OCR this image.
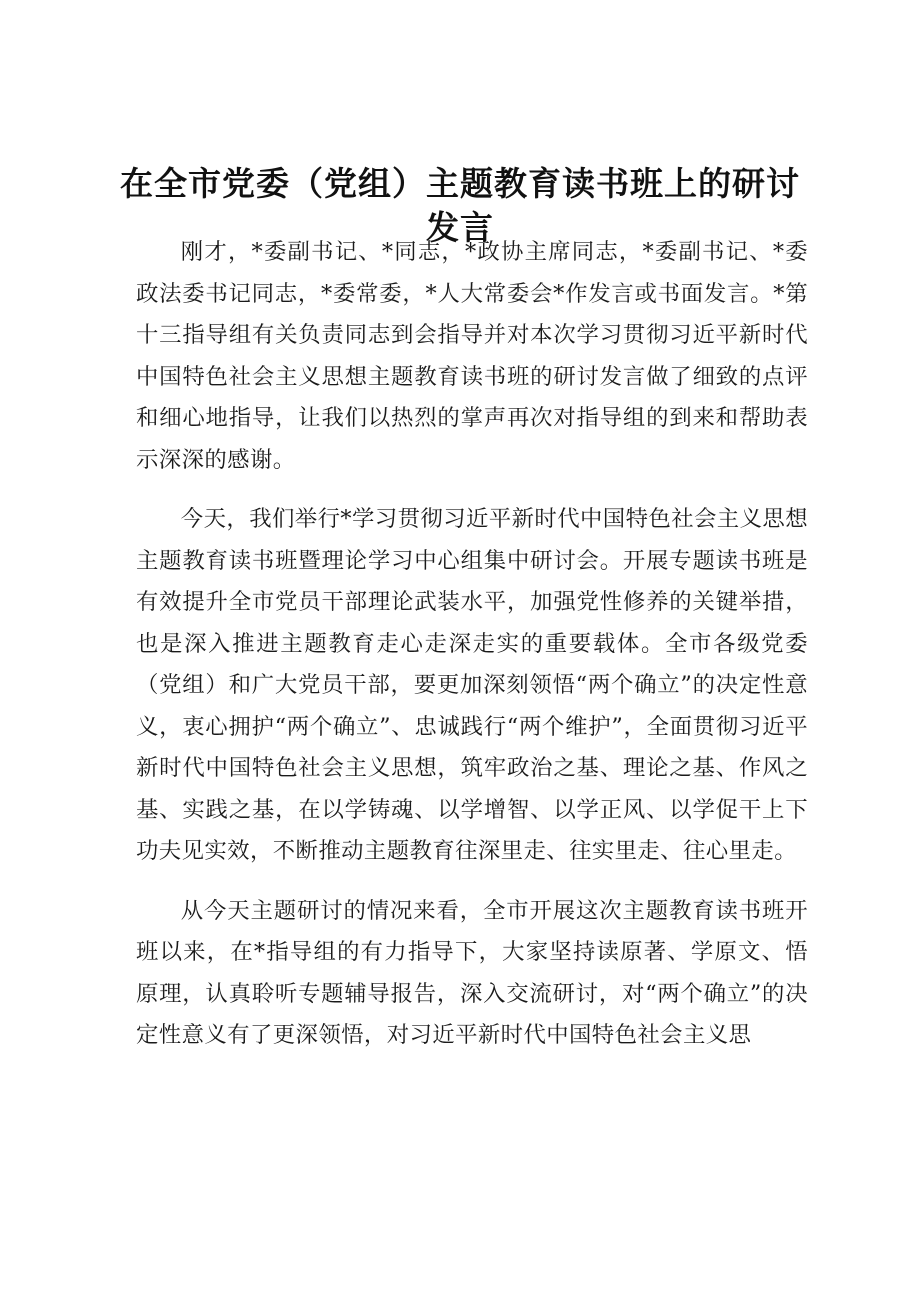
在全市党委（党组）主题教育读书班上的研讨发言

刚才，*委副书记、*同志，*政协主席同志，*委副书记、*委政法委书记同志，*委常委，*人大常委会*作发言或书面发言。*第十三指导组有关负责同志到会指导并对本次学习贯彻习近平新时代中国特色社会主义思想主题教育读书班的研讨发言做了细致的点评和细心地指导，让我们以热烈的掌声再次对指导组的到来和帮助表示深深的感谢。

今天，我们举行*学习贯彻习近平新时代中国特色社会主义思想主题教育读书班暨理论学习中心组集中研讨会。开展专题读书班是有效提升全市党员干部理论武装水平，加强党性修养的关键举措，也是深入推进主题教育走心走深走实的重要载体。全市各级党委（党组）和广大党员干部，要更加深刻领悟“两个确立”的决定性意义，衷心拥护“两个确立”、忠诚践行“两个维护”，全面贯彻习近平新时代中国特色社会主义思想，筑牢政治之基、理论之基、作风之基、实践之基，在以学铸魂、以学增智、以学正风、以学促干上下功夫见实效，不断推动主题教育往深里走、往实里走、往心里走。

从今天主题研讨的情况来看，全市开展这次主题教育读书班开班以来，在*指导组的有力指导下，大家坚持读原著、学原文、悟原理，认真聆听专题辅导报告，深入交流研讨，对“两个确立”的决定性意义有了更深领悟，对习近平新时代中国特色社会主义思
